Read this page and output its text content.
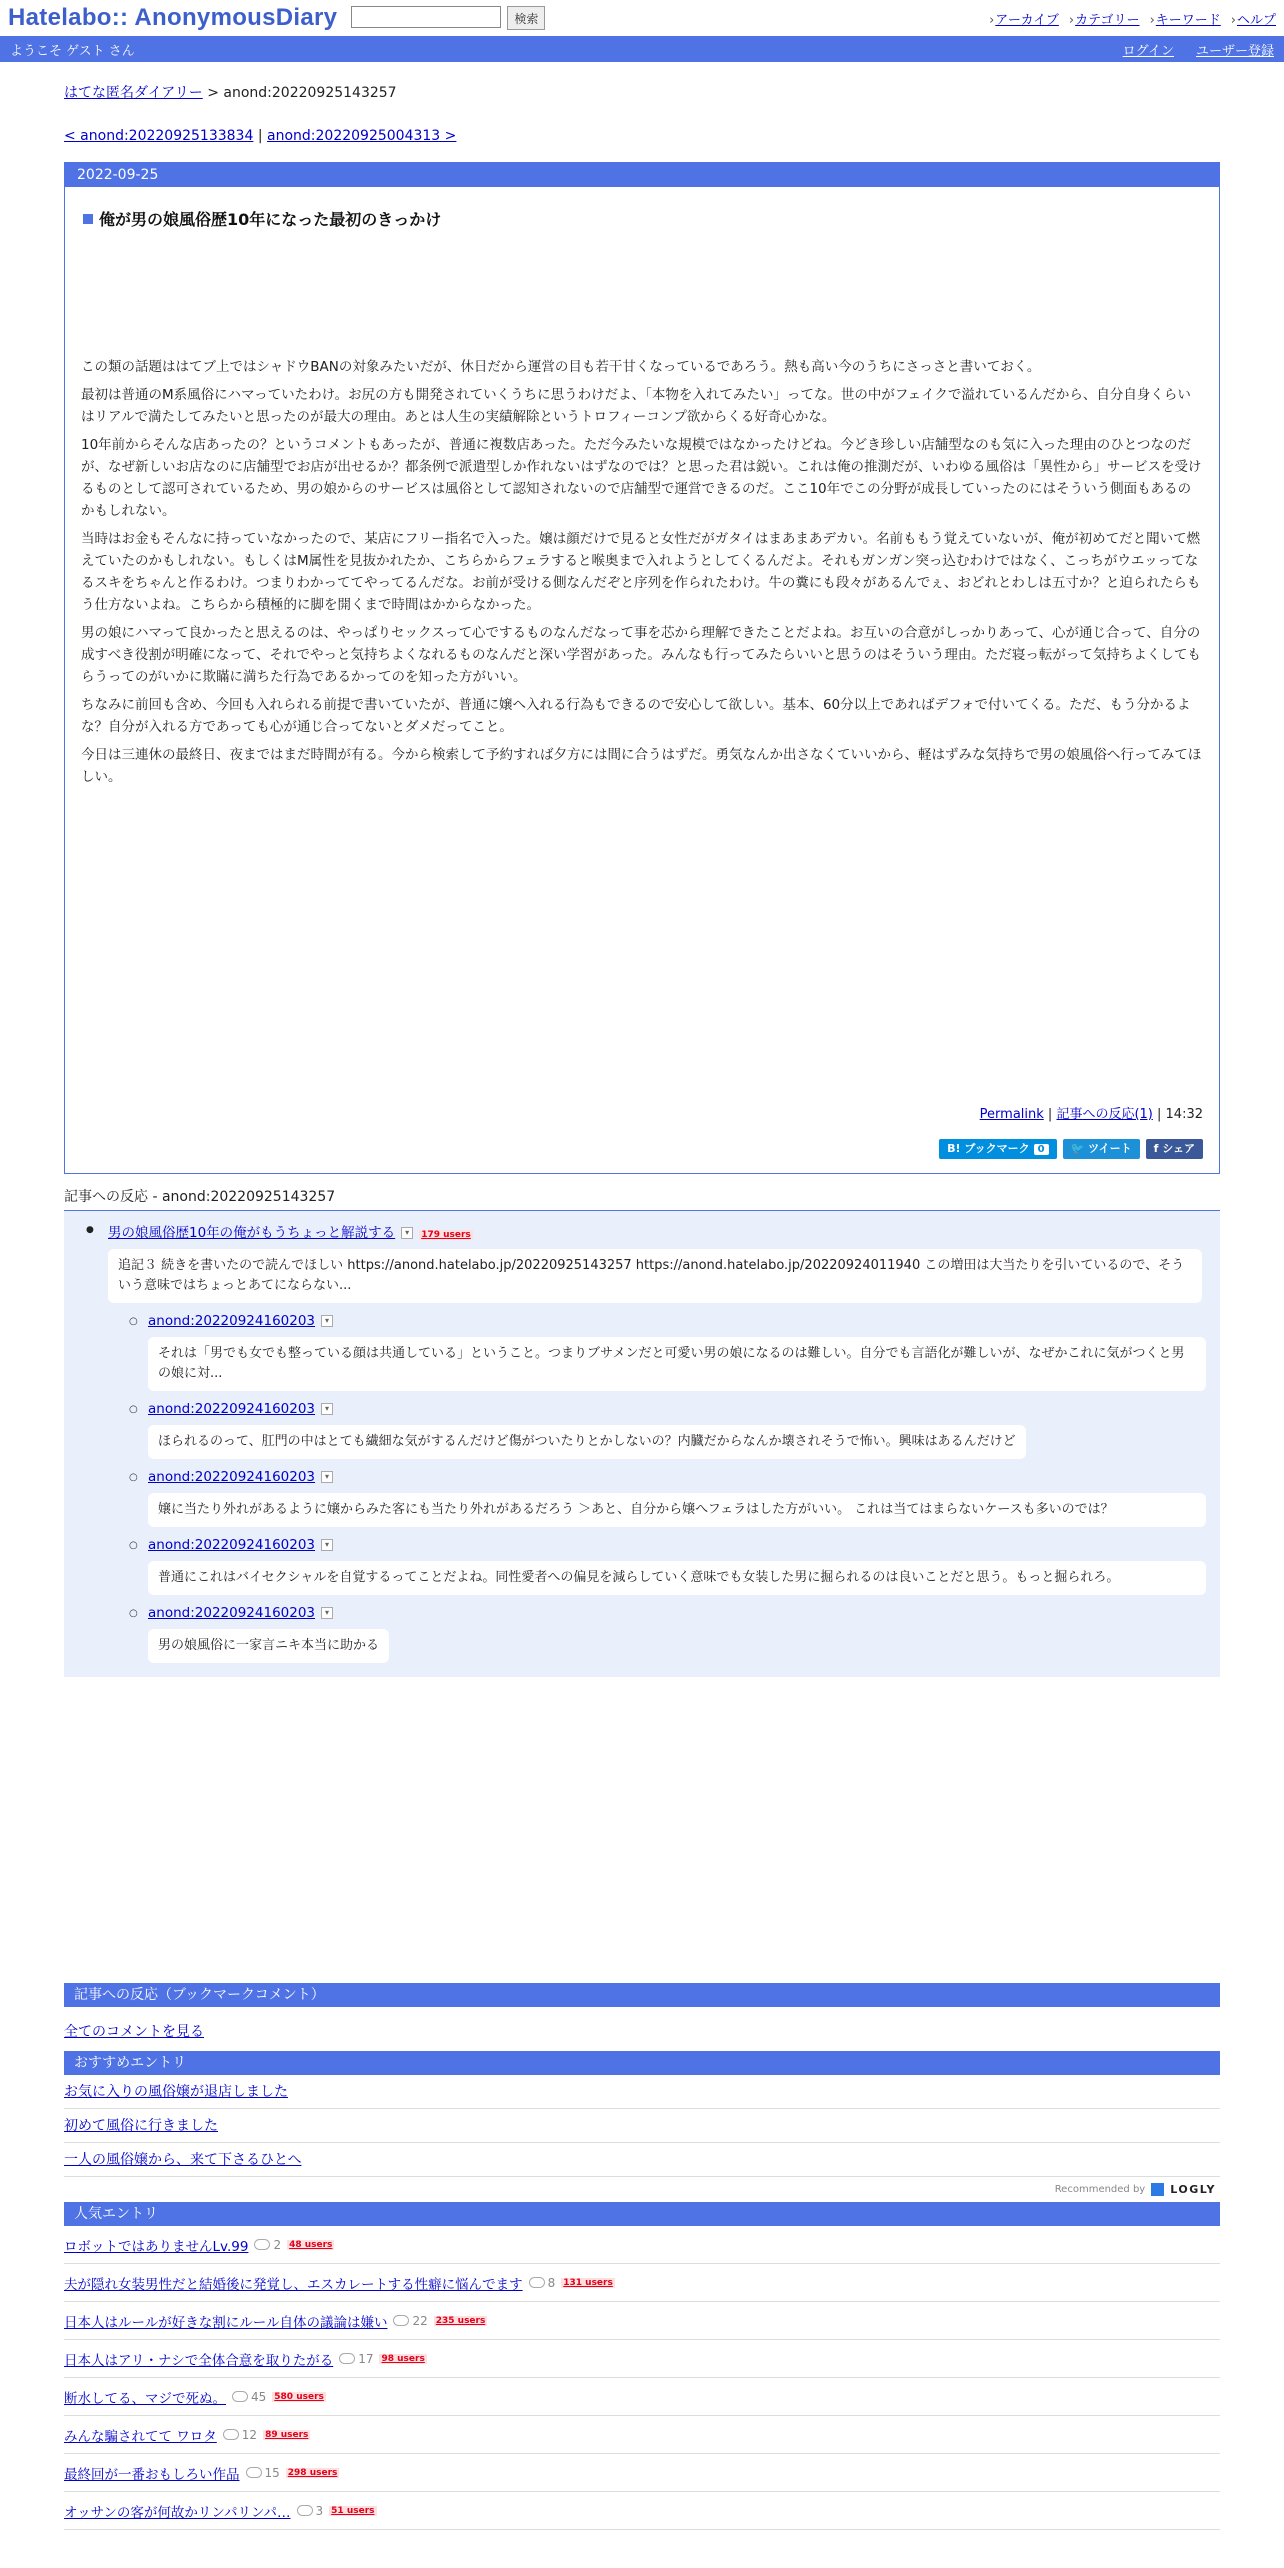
Hatelabo:: AnonymousDiary	検索	›アーカイブ ›カテゴリー ›キーワード ›ヘルプ
ようこそ ゲスト さん	ログイン ユーザー登録
はてな匿名ダイアリー > anond:20220925143257
< anond:20220925133834 | anond:20220925004313 >
2022-09-25
俺が男の娘風俗歴10年になった最初のきっかけ

この類の話題ははてブ上ではシャドウBANの対象みたいだが、休日だから運営の目も若干甘くなっているであろう。熱も高い今のうちにさっさと書いておく。

最初は普通のM系風俗にハマっていたわけ。お尻の方も開発されていくうちに思うわけだよ、「本物を入れてみたい」ってな。世の中がフェイクで溢れているんだから、自分自身くらいはリアルで満たしてみたいと思ったのが最大の理由。あとは人生の実績解除というトロフィーコンプ欲からくる好奇心かな。

10年前からそんな店あったの？というコメントもあったが、普通に複数店あった。ただ今みたいな規模ではなかったけどね。今どき珍しい店舗型なのも気に入った理由のひとつなのだが、なぜ新しいお店なのに店舗型でお店が出せるか？都条例で派遣型しか作れないはずなのでは？と思った君は鋭い。これは俺の推測だが、いわゆる風俗は「異性から」サービスを受けるものとして認可されているため、男の娘からのサービスは風俗として認知されないので店舗型で運営できるのだ。ここ10年でこの分野が成長していったのにはそういう側面もあるのかもしれない。

当時はお金もそんなに持っていなかったので、某店にフリー指名で入った。嬢は顔だけで見ると女性だがガタイはまあまあデカい。名前ももう覚えていないが、俺が初めてだと聞いて燃えていたのかもしれない。もしくはM属性を見抜かれたか、こちらからフェラすると喉奥まで入れようとしてくるんだよ。それもガンガン突っ込むわけではなく、こっちがウエッってなるスキをちゃんと作るわけ。つまりわかっててやってるんだな。お前が受ける側なんだぞと序列を作られたわけ。牛の糞にも段々があるんでぇ、おどれとわしは五寸か？と迫られたらもう仕方ないよね。こちらから積極的に脚を開くまで時間はかからなかった。

男の娘にハマって良かったと思えるのは、やっぱりセックスって心でするものなんだなって事を芯から理解できたことだよね。お互いの合意がしっかりあって、心が通じ合って、自分の成すべき役割が明確になって、それでやっと気持ちよくなれるものなんだと深い学習があった。みんなも行ってみたらいいと思うのはそういう理由。ただ寝っ転がって気持ちよくしてもらうってのがいかに欺瞞に満ちた行為であるかってのを知った方がいい。

ちなみに前回も含め、今回も入れられる前提で書いていたが、普通に嬢へ入れる行為もできるので安心して欲しい。基本、60分以上であればデフォで付いてくる。ただ、もう分かるよな？自分が入れる方であっても心が通じ合ってないとダメだってこと。

今日は三連休の最終日、夜まではまだ時間が有る。今から検索して予約すれば夕方には間に合うはずだ。勇気なんか出さなくていいから、軽はずみな気持ちで男の娘風俗へ行ってみてほしい。

Permalink | 記事への反応(1) | 14:32
B! ブックマーク 0	🐦 ツイート	f シェア
記事への反応 - anond:20220925143257
● 男の娘風俗歴10年の俺がもうちょっと解説する ▾ 179 users
追記３ 続きを書いたので読んでほしい https://anond.hatelabo.jp/20220925143257 https://anond.hatelabo.jp/20220924011940 この増田は大当たりを引いているので、そういう意味ではちょっとあてにならない...
○ anond:20220924160203 ▾
それは「男でも女でも整っている顔は共通している」ということ。つまりブサメンだと可愛い男の娘になるのは難しい。自分でも言語化が難しいが、なぜかこれに気がつくと男の娘に対...
○ anond:20220924160203 ▾
ほられるのって、肛門の中はとても繊細な気がするんだけど傷がついたりとかしないの？内臓だからなんか壊されそうで怖い。興味はあるんだけど
○ anond:20220924160203 ▾
嬢に当たり外れがあるように嬢からみた客にも当たり外れがあるだろう ＞あと、自分から嬢へフェラはした方がいい。 これは当てはまらないケースも多いのでは？
○ anond:20220924160203 ▾
普通にこれはバイセクシャルを自覚するってことだよね。同性愛者への偏見を減らしていく意味でも女装した男に掘られるのは良いことだと思う。もっと掘られろ。
○ anond:20220924160203 ▾
男の娘風俗に一家言ニキ本当に助かる
記事への反応（ブックマークコメント）
全てのコメントを見る
おすすめエントリ
お気に入りの風俗嬢が退店しました
初めて風俗に行きました
一人の風俗嬢から、来て下さるひとへ
Recommended by LOGLY
人気エントリ
ロボットではありませんLv.99 2 48 users
夫が隠れ女装男性だと結婚後に発覚し、エスカレートする性癖に悩んでます 8 131 users
日本人はルールが好きな割にルール自体の議論は嫌い 22 235 users
日本人はアリ・ナシで全体合意を取りたがる 17 98 users
断水してる、マジで死ぬ。 45 580 users
みんな騙されてて ワロタ 12 89 users
最終回が一番おもしろい作品 15 298 users
オッサンの客が何故かリンパリンパ… 3 51 users
